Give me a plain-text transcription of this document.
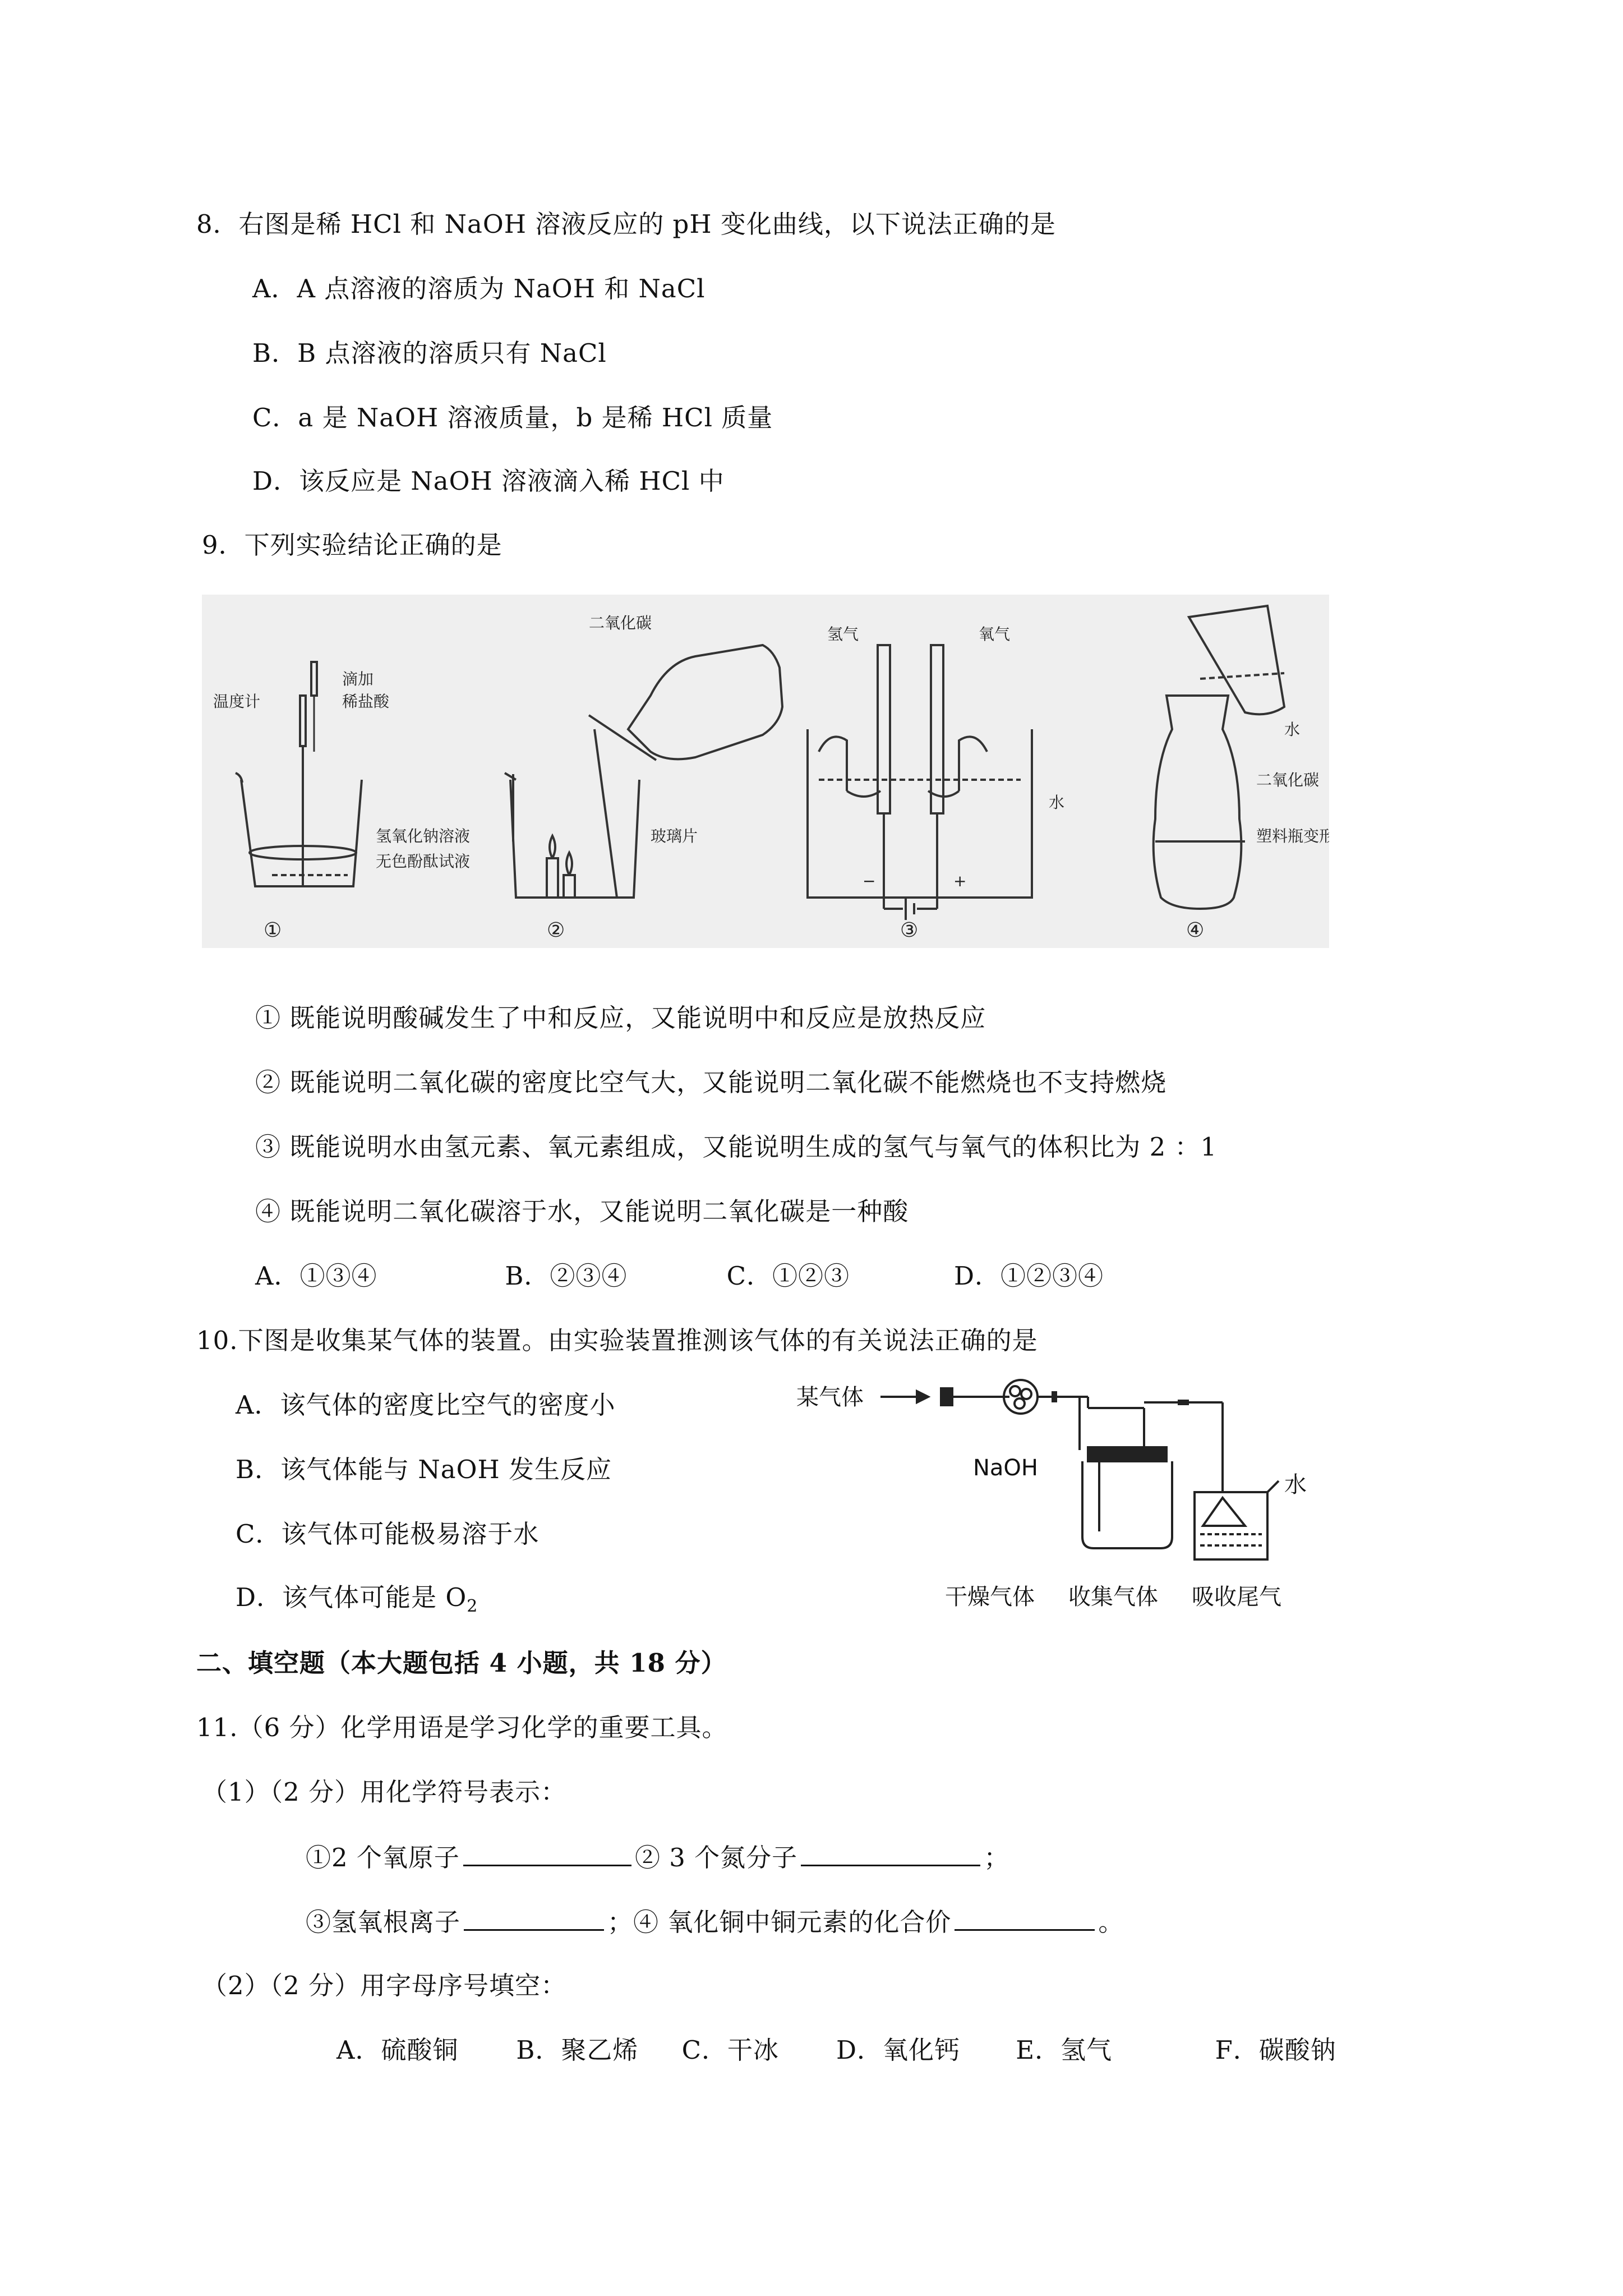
8．右图是稀 HCl 和 NaOH 溶液反应的 pH 变化曲线，以下说法正确的是
A．A 点溶液的溶质为 NaOH 和 NaCl
B．B 点溶液的溶质只有 NaCl
C．a 是 NaOH 溶液质量，b 是稀 HCl 质量
D．该反应是 NaOH 溶液滴入稀 HCl 中
9．下列实验结论正确的是
温度计
滴加
稀盐酸
氢氧化钠溶液
无色酚酞试液
二氧化碳
玻璃片
氢气	氧气
水
−	+
水
二氧化碳
塑料瓶变形
①	②	③	④
① 既能说明酸碱发生了中和反应，又能说明中和反应是放热反应
② 既能说明二氧化碳的密度比空气大，又能说明二氧化碳不能燃烧也不支持燃烧
③ 既能说明水由氢元素、氧元素组成，又能说明生成的氢气与氧气的体积比为 2 ：1
④ 既能说明二氧化碳溶于水，又能说明二氧化碳是一种酸
A．①③④	B．②③④	C．①②③	D．①②③④
10.下图是收集某气体的装置。由实验装置推测该气体的有关说法正确的是
A．该气体的密度比空气的密度小
B．该气体能与 NaOH 发生反应
C．该气体可能极易溶于水
D．该气体可能是 $O_2$
某气体
NaOH
水
干燥气体 收集气体 吸收尾气
二、填空题（本大题包括 4 小题，共 18 分）
11.（6 分）化学用语是学习化学的重要工具。
（1）（2 分）用化学符号表示：
①2 个氧原子	② 3 个氮分子	；
③氢氧根离子	；④ 氧化铜中铜元素的化合价	。
（2）（2 分）用字母序号填空：
A．硫酸铜 B．聚乙烯 C．干冰 D．氧化钙 E．氢气	F．碳酸钠
